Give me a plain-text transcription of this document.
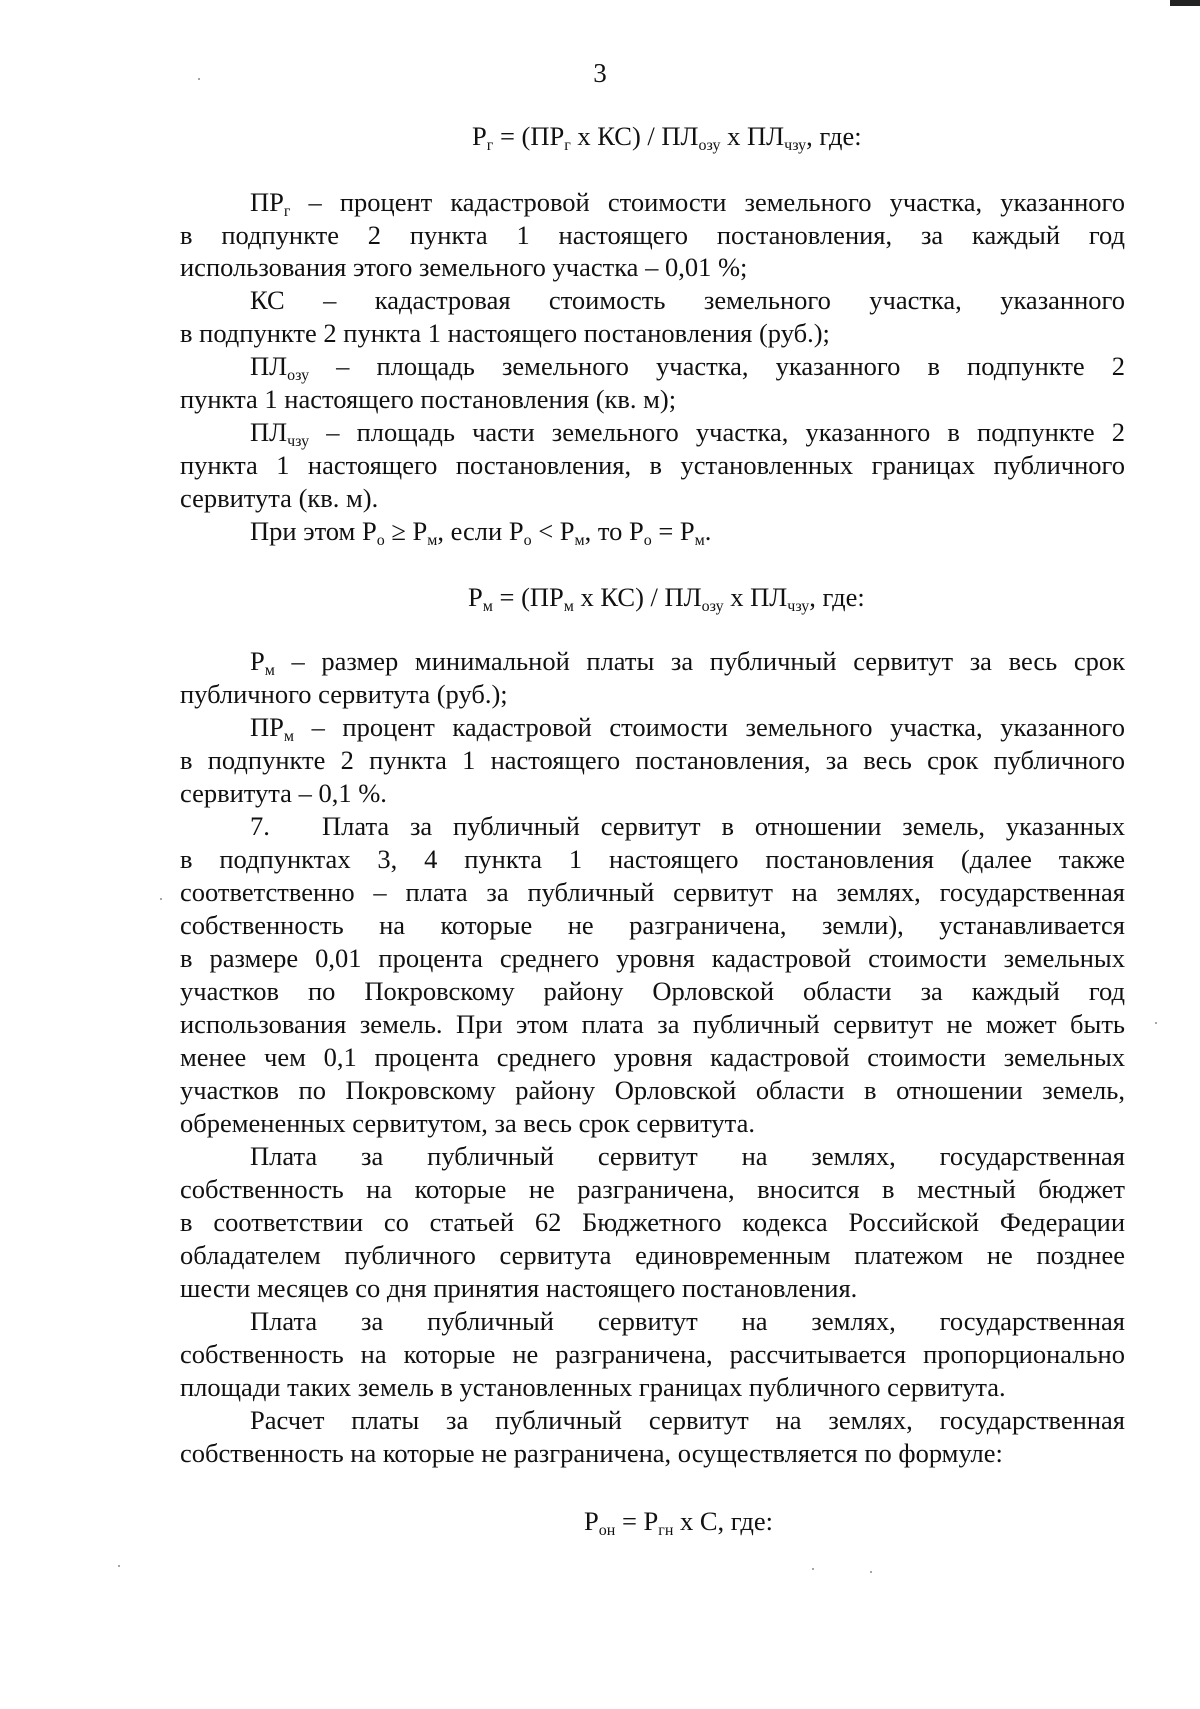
3
$Р_г = (ПР_г$ х $КС) / ПЛ_{озу}$ х $ПЛ_{чзу}$, где:
$ПР_г$ – процент кадастровой стоимости земельного участка, указанного
в подпункте 2 пункта 1 настоящего постановления, за каждый год
использования этого земельного участка – 0,01 %;
КС – кадастровая стоимость земельного участка, указанного
в подпункте 2 пункта 1 настоящего постановления (руб.);
$ПЛ_{озу}$ – площадь земельного участка, указанного в подпункте 2
пункта 1 настоящего постановления (кв. м);
$ПЛ_{чзу}$ – площадь части земельного участка, указанного в подпункте 2
пункта 1 настоящего постановления, в установленных границах публичного
сервитута (кв. м).
При этом $Р_о \ge Р_м$, если $Р_о < Р_м$, то $Р_о = Р_м$.
$Р_м = (ПР_м$ х $КС) / ПЛ_{озу}$ х $ПЛ_{чзу}$, где:
$Р_м$ – размер минимальной платы за публичный сервитут за весь срок
публичного сервитута (руб.);
$ПР_м$ – процент кадастровой стоимости земельного участка, указанного
в подпункте 2 пункта 1 настоящего постановления, за весь срок публичного
сервитута – 0,1 %.
7.	Плата за публичный сервитут в отношении земель, указанных
в подпунктах 3, 4 пункта 1 настоящего постановления (далее также
соответственно – плата за публичный сервитут на землях, государственная
собственность на которые не разграничена, земли), устанавливается
в размере 0,01 процента среднего уровня кадастровой стоимости земельных
участков по Покровскому району Орловской области за каждый год
использования земель. При этом плата за публичный сервитут не может быть
менее чем 0,1 процента среднего уровня кадастровой стоимости земельных
участков по Покровскому району Орловской области в отношении земель,
обремененных сервитутом, за весь срок сервитута.
Плата за публичный сервитут на землях, государственная
собственность на которые не разграничена, вносится в местный бюджет
в соответствии со статьей 62 Бюджетного кодекса Российской Федерации
обладателем публичного сервитута единовременным платежом не позднее
шести месяцев со дня принятия настоящего постановления.
Плата за публичный сервитут на землях, государственная
собственность на которые не разграничена, рассчитывается пропорционально
площади таких земель в установленных границах публичного сервитута.
Расчет платы за публичный сервитут на землях, государственная
собственность на которые не разграничена, осуществляется по формуле:
$Р_{он} = Р_{гн}$ х С, где:
